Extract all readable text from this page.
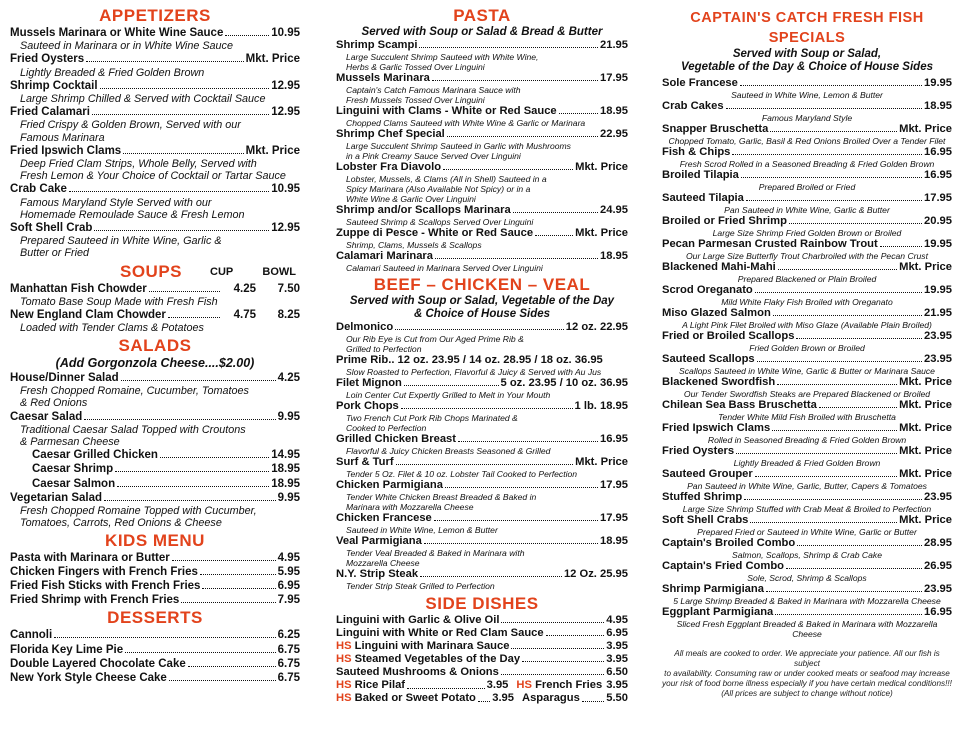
APPETIZERS
Mussels Marinara or White Wine Sauce	10.95
Sauteed in Marinara or in White Wine Sauce
Fried Oysters	Mkt. Price
Lightly Breaded & Fried Golden Brown
Shrimp Cocktail	12.95
Large Shrimp Chilled & Served with Cocktail Sauce
Fried Calamari	12.95
Fried Crispy & Golden Brown, Served with our
Famous Marinara
Fried Ipswich Clams	Mkt. Price
Deep Fried Clam Strips, Whole Belly, Served with
Fresh Lemon & Your Choice of Cocktail or Tartar Sauce
Crab Cake	10.95
Famous Maryland Style Served with our
Homemade Remoulade Sauce & Fresh Lemon
Soft Shell Crab	12.95
Prepared Sauteed in White Wine, Garlic &
Butter or Fried
SOUPS	CUP	BOWL
Manhattan Fish Chowder	4.25	7.50
Tomato Base Soup Made with Fresh Fish
New England Clam Chowder	4.75	8.25
Loaded with Tender Clams & Potatoes
SALADS
(Add Gorgonzola Cheese....$2.00)
House/Dinner Salad	4.25
Fresh Chopped Romaine, Cucumber, Tomatoes
& Red Onions
Caesar Salad	9.95
Traditional Caesar Salad Topped with Croutons
& Parmesan Cheese
Caesar Grilled Chicken	14.95
Caesar Shrimp	18.95
Caesar Salmon	18.95
Vegetarian Salad	9.95
Fresh Chopped Romaine Topped with Cucumber,
Tomatoes, Carrots, Red Onions & Cheese
KIDS MENU
Pasta with Marinara or Butter	4.95
Chicken Fingers with French Fries	5.95
Fried Fish Sticks with French Fries	6.95
Fried Shrimp with French Fries	7.95
DESSERTS
Cannoli	6.25
Florida Key Lime Pie	6.75
Double Layered Chocolate Cake	6.75
New York Style Cheese Cake	6.75
PASTA
Served with Soup or Salad & Bread & Butter
Shrimp Scampi	21.95
Large Succulent Shrimp Sauteed with White Wine,
Herbs & Garlic Tossed Over Linguini
Mussels Marinara	17.95
Captain's Catch Famous Marinara Sauce with
Fresh Mussels Tossed Over Linguini
Linguini with Clams - White or Red Sauce	18.95
Chopped Clams Sauteed with White Wine & Garlic or Marinara
Shrimp Chef Special	22.95
Large Succulent Shrimp Sauteed in Garlic with Mushrooms
in a Pink Creamy Sauce Served Over Linguini
Lobster Fra Diavolo	Mkt. Price
Lobster, Mussels, & Clams (All in Shell) Sauteed in a
Spicy Marinara (Also Available Not Spicy) or in a
White Wine & Garlic Over Linguini
Shrimp and/or Scallops Marinara	24.95
Sauteed Shrimp & Scallops Served Over Linguini
Zuppe di Pesce - White or Red Sauce	Mkt. Price
Shrimp, Clams, Mussels & Scallops
Calamari Marinara	18.95
Calamari Sauteed in Marinara Served Over Linguini
BEEF – CHICKEN – VEAL
Served with Soup or Salad, Vegetable of the Day
& Choice of House Sides
Delmonico	12 oz. 22.95
Our Rib Eye is Cut from Our Aged Prime Rib &
Grilled to Perfection
Prime Rib.. 12 oz. 23.95 / 14 oz. 28.95 / 18 oz. 36.95
Slow Roasted to Perfection, Flavorful & Juicy & Served with Au Jus
Filet Mignon	5 oz. 23.95 / 10 oz. 36.95
Loin Center Cut Expertly Grilled to Melt in Your Mouth
Pork Chops	1 lb. 18.95
Two French Cut Pork Rib Chops Marinated &
Cooked to Perfection
Grilled Chicken Breast	16.95
Flavorful & Juicy Chicken Breasts Seasoned & Grilled
Surf & Turf	Mkt. Price
Tender 5 Oz. Filet & 10 oz. Lobster Tail Cooked to Perfection
Chicken Parmigiana	17.95
Tender White Chicken Breast Breaded & Baked in
Marinara with Mozzarella Cheese
Chicken Francese	17.95
Sauteed in White Wine, Lemon & Butter
Veal Parmigiana	18.95
Tender Veal Breaded & Baked in Marinara with
Mozzarella Cheese
N.Y. Strip Steak	12 Oz. 25.95
Tender Strip Steak Grilled to Perfection
SIDE DISHES
Linguini with Garlic & Olive Oil	4.95
Linguini with White or Red Clam Sauce	6.95
HS Linguini with Marinara Sauce	3.95
HS Steamed Vegetables of the Day	3.95
Sauteed Mushrooms & Onions	6.50
HS Rice Pilaf	3.95 HS French Fries 3.95
HS Baked or Sweet Potato 3.95 Asparagus 5.50
CAPTAIN'S CATCH FRESH FISH SPECIALS
Served with Soup or Salad,
Vegetable of the Day & Choice of House Sides
Sole Francese	19.95
Sauteed in White Wine, Lemon & Butter
Crab Cakes	18.95
Famous Maryland Style
Snapper Bruschetta	Mkt. Price
Chopped Tomato, Garlic, Basil & Red Onions Broiled Over a Tender Filet
Fish & Chips	16.95
Fresh Scrod Rolled in a Seasoned Breading & Fried Golden Brown
Broiled Tilapia	16.95
Prepared Broiled or Fried
Sauteed Tilapia	17.95
Pan Sauteed in White Wine, Garlic & Butter
Broiled or Fried Shrimp	20.95
Large Size Shrimp Fried Golden Brown or Broiled
Pecan Parmesan Crusted Rainbow Trout	19.95
Our Large Size Butterfly Trout Charbroiled with the Pecan Crust
Blackened Mahi-Mahi	Mkt. Price
Prepared Blackened or Plain Broiled
Scrod Oreganato	19.95
Mild White Flaky Fish Broiled with Oreganato
Miso Glazed Salmon	21.95
A Light Pink Filet Broiled with Miso Glaze (Available Plain Broiled)
Fried or Broiled Scallops	23.95
Fried Golden Brown or Broiled
Sauteed Scallops	23.95
Scallops Sauteed in White Wine, Garlic & Butter or Marinara Sauce
Blackened Swordfish	Mkt. Price
Our Tender Swordfish Steaks are Prepared Blackened or Broiled
Chilean Sea Bass Bruschetta	Mkt. Price
Tender White Mild Fish Broiled with Bruschetta
Fried Ipswich Clams	Mkt. Price
Rolled in Seasoned Breading & Fried Golden Brown
Fried Oysters	Mkt. Price
Lightly Breaded & Fried Golden Brown
Sauteed Grouper	Mkt. Price
Pan Sauteed in White Wine, Garlic, Butter, Capers & Tomatoes
Stuffed Shrimp	23.95
Large Size Shrimp Stuffed with Crab Meat & Broiled to Perfection
Soft Shell Crabs	Mkt. Price
Prepared Fried or Sauteed in White Wine, Garlic or Butter
Captain's Broiled Combo	28.95
Salmon, Scallops, Shrimp & Crab Cake
Captain's Fried Combo	26.95
Sole, Scrod, Shrimp & Scallops
Shrimp Parmigiana	23.95
5 Large Shrimp Breaded & Baked in Marinara with Mozzarella Cheese
Eggplant Parmigiana	16.95
Sliced Fresh Eggplant Breaded & Baked in Marinara with Mozzarella Cheese
All meals are cooked to order. We appreciate your patience. All our fish is subject
to availability. Consuming raw or under cooked meats or seafood may increase
your risk of food borne illness especially if you have certain medical conditions!!!
(All prices are subject to change without notice)
